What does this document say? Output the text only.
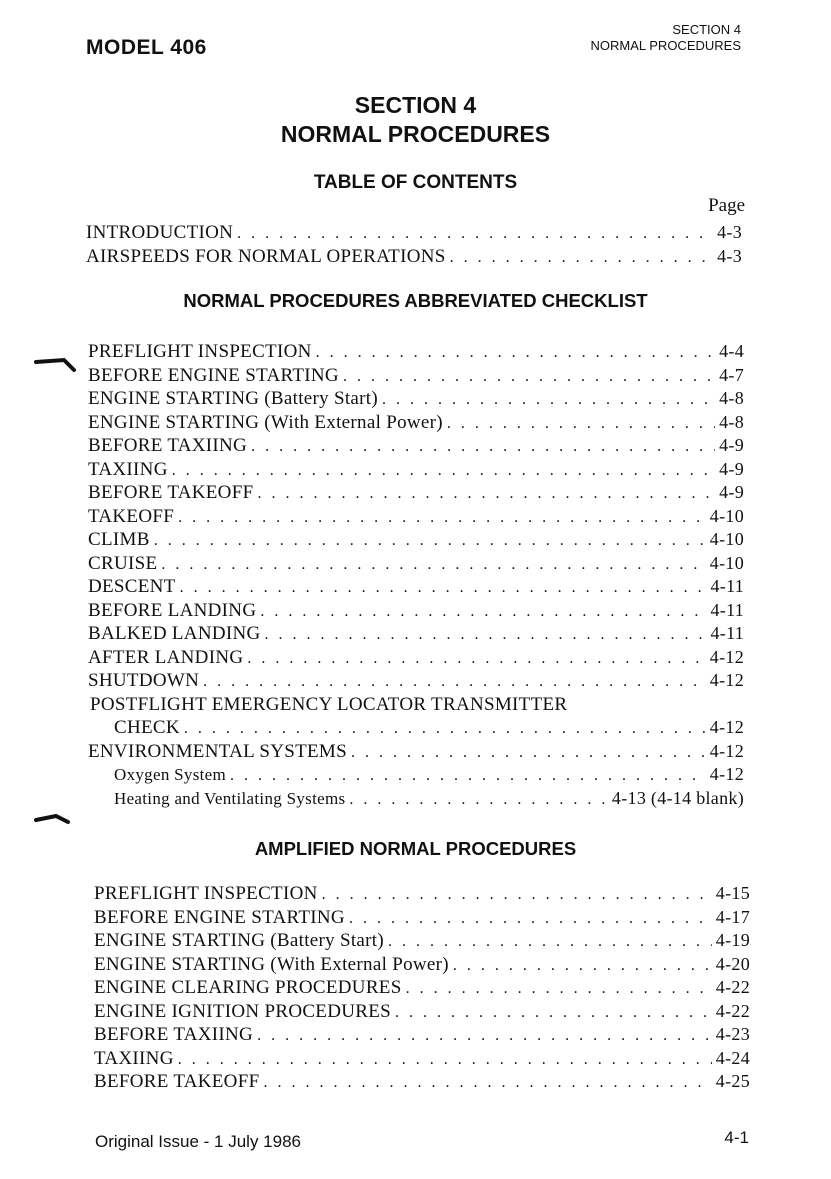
MODEL 406
SECTION 4
NORMAL PROCEDURES
SECTION 4
NORMAL PROCEDURES
TABLE OF CONTENTS
Page
INTRODUCTION . . .	4-3
AIRSPEEDS FOR NORMAL OPERATIONS . . .	4-3
NORMAL PROCEDURES ABBREVIATED CHECKLIST
PREFLIGHT INSPECTION . . .	4-4
BEFORE ENGINE STARTING . . .	4-7
ENGINE STARTING (Battery Start) . . .	4-8
ENGINE STARTING (With External Power) . . .	4-8
BEFORE TAXIING . . .	4-9
TAXIING . . .	4-9
BEFORE TAKEOFF . . .	4-9
TAKEOFF . . .	4-10
CLIMB . . .	4-10
CRUISE . . .	4-10
DESCENT . . .	4-11
BEFORE LANDING . . .	4-11
BALKED LANDING . . .	4-11
AFTER LANDING . . .	4-12
SHUTDOWN . . .	4-12
POSTFLIGHT EMERGENCY LOCATOR TRANSMITTER
CHECK . . .	4-12
ENVIRONMENTAL SYSTEMS . . .	4-12
Oxygen System . . .	4-12
Heating and Ventilating Systems . . .	4-13 (4-14 blank)
AMPLIFIED NORMAL PROCEDURES
PREFLIGHT INSPECTION . . .	4-15
BEFORE ENGINE STARTING . . .	4-17
ENGINE STARTING (Battery Start) . . .	4-19
ENGINE STARTING (With External Power) . . .	4-20
ENGINE CLEARING PROCEDURES . . .	4-22
ENGINE IGNITION PROCEDURES . . .	4-22
BEFORE TAXIING . . .	4-23
TAXIING . . .	4-24
BEFORE TAKEOFF . . .	4-25
Original Issue - 1 July 1986	4-1
